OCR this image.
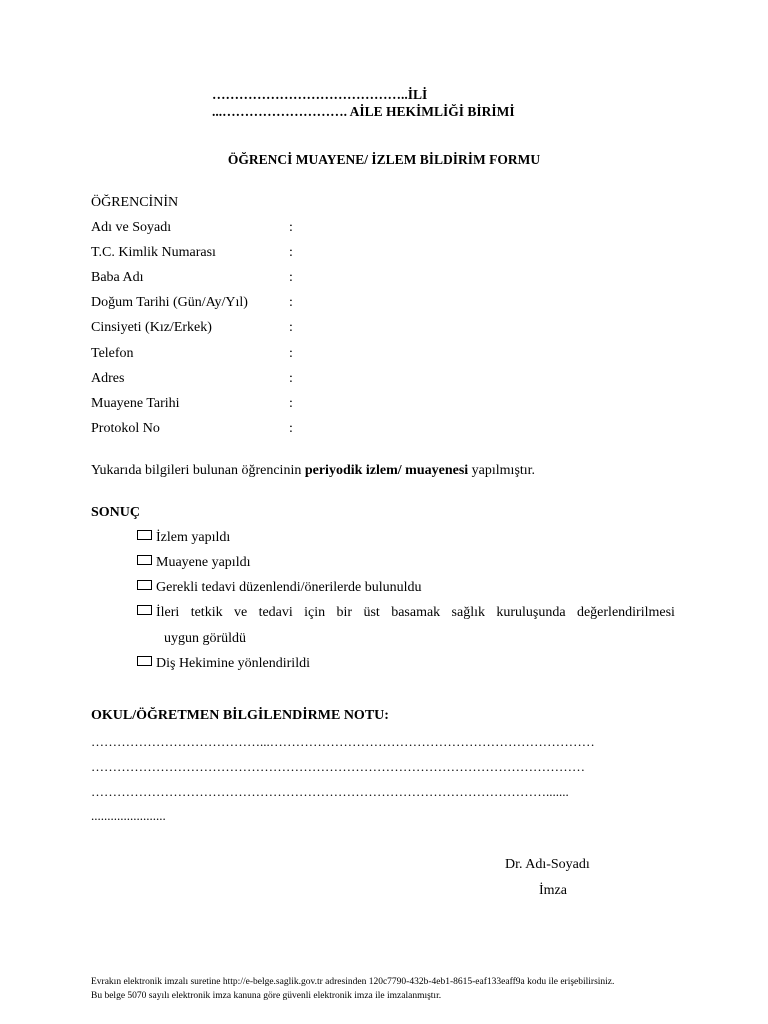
……………………………………..İLİ
...………………………. AİLE HEKİMLİĞİ BİRİMİ
ÖĞRENCİ MUAYENE/ İZLEM BİLDİRİM FORMU
ÖĞRENCİNİN
Adı ve Soyadı	:
T.C. Kimlik Numarası	:
Baba Adı	:
Doğum Tarihi (Gün/Ay/Yıl)	:
Cinsiyeti (Kız/Erkek)	:
Telefon	:
Adres	:
Muayene Tarihi	:
Protokol No	:
Yukarıda bilgileri bulunan öğrencinin periyodik izlem/ muayenesi yapılmıştır.
SONUÇ
İzlem yapıldı
Muayene yapıldı
Gerekli tedavi düzenlendi/önerilerde bulunuldu
İleri tetkik ve tedavi için bir üst basamak sağlık kuruluşunda değerlendirilmesi
uygun görüldü
Diş Hekimine yönlendirildi
OKUL/ÖĞRETMEN BİLGİLENDİRME NOTU:
…………………………………...…………………………………………………………………
……………………………………………………………………………………………………
…………………………………………………………………………………………….......
.......................
Dr. Adı-Soyadı
İmza
Evrakın elektronik imzalı suretine http://e-belge.saglik.gov.tr adresinden 120c7790-432b-4eb1-8615-eaf133eaff9a kodu ile erişebilirsiniz.
Bu belge 5070 sayılı elektronik imza kanuna göre güvenli elektronik imza ile imzalanmıştır.
